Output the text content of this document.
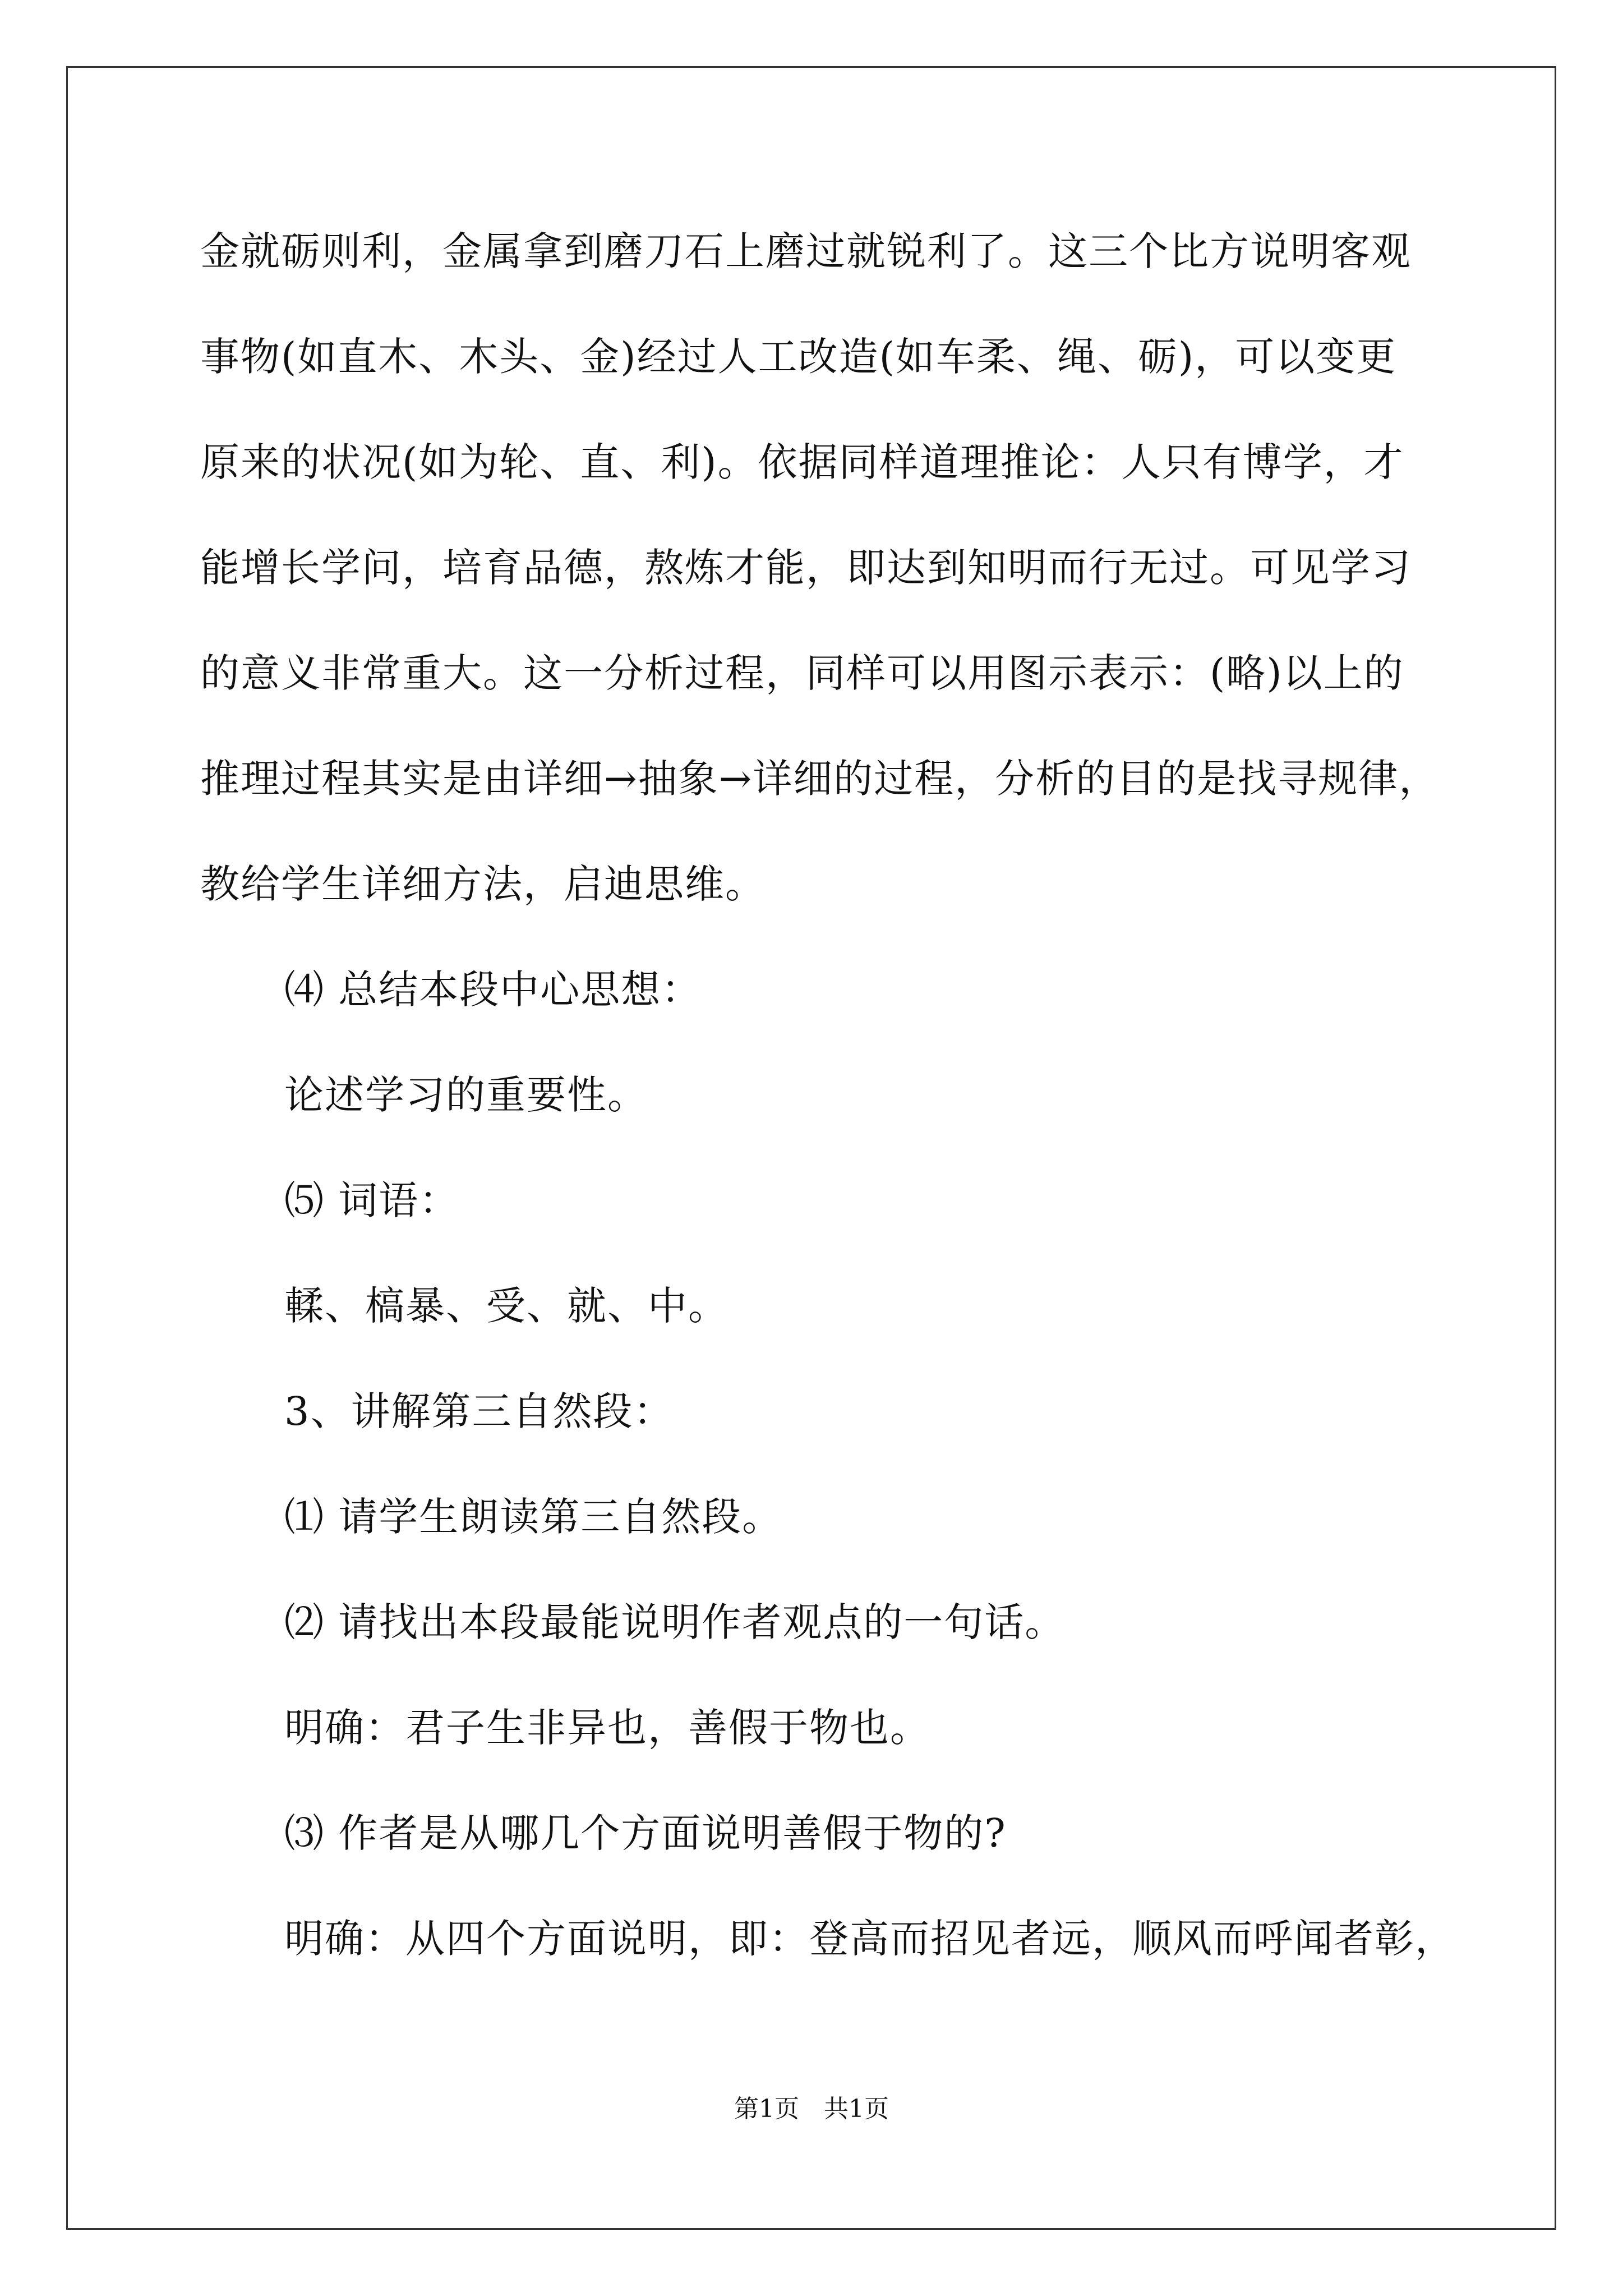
金就砺则利，金属拿到磨刀石上磨过就锐利了。这三个比方说明客观
事物(如直木、木头、金)经过人工改造(如车柔、绳、砺)，可以变更
原来的状况(如为轮、直、利)。依据同样道理推论：人只有博学，才
能增长学问，培育品德，熬炼才能，即达到知明而行无过。可见学习
的意义非常重大。这一分析过程，同样可以用图示表示：(略)以上的
推理过程其实是由详细→抽象→详细的过程，分析的目的是找寻规律，
教给学生详细方法，启迪思维。
⑷ 总结本段中心思想：
论述学习的重要性。
⑸ 词语：
輮、槁暴、受、就、中。
3、讲解第三自然段：
⑴ 请学生朗读第三自然段。
⑵ 请找出本段最能说明作者观点的一句话。
明确：君子生非异也，善假于物也。
⑶ 作者是从哪几个方面说明善假于物的?
明确：从四个方面说明，即：登高而招见者远，顺风而呼闻者彰，
第1页　共1页
